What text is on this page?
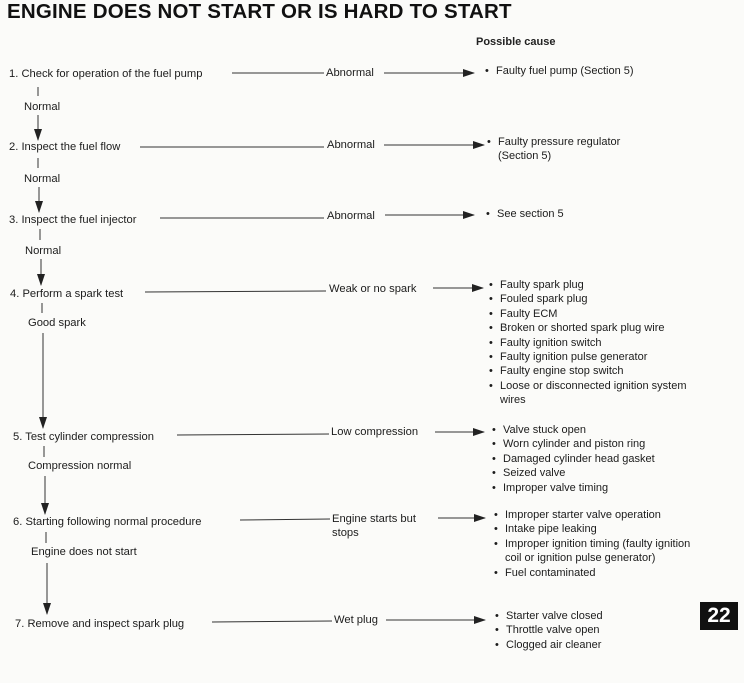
ENGINE DOES NOT START OR IS HARD TO START
Possible cause
1. Check for operation of the fuel pump	Abnormal
Normal
• Faulty fuel pump (Section 5)
2. Inspect the fuel flow	Abnormal
Normal
• Faulty pressure regulator (Section 5)
3. Inspect the fuel injector	Abnormal
Normal
• See section 5
4. Perform a spark test	Weak or no spark
Good spark
• Faulty spark plug
• Fouled spark plug
• Faulty ECM
• Broken or shorted spark plug wire
• Faulty ignition switch
• Faulty ignition pulse generator
• Faulty engine stop switch
• Loose or disconnected ignition system wires
5. Test cylinder compression	Low compression
Compression normal
• Valve stuck open
• Worn cylinder and piston ring
• Damaged cylinder head gasket
• Seized valve
• Improper valve timing
6. Starting following normal procedure	Engine starts but stops
Engine does not start
• Improper starter valve operation
• Intake pipe leaking
• Improper ignition timing (faulty ignition coil or ignition pulse generator)
• Fuel contaminated
7. Remove and inspect spark plug	Wet plug
•	Starter valve closed
• Throttle valve open
• Clogged air cleaner
22
